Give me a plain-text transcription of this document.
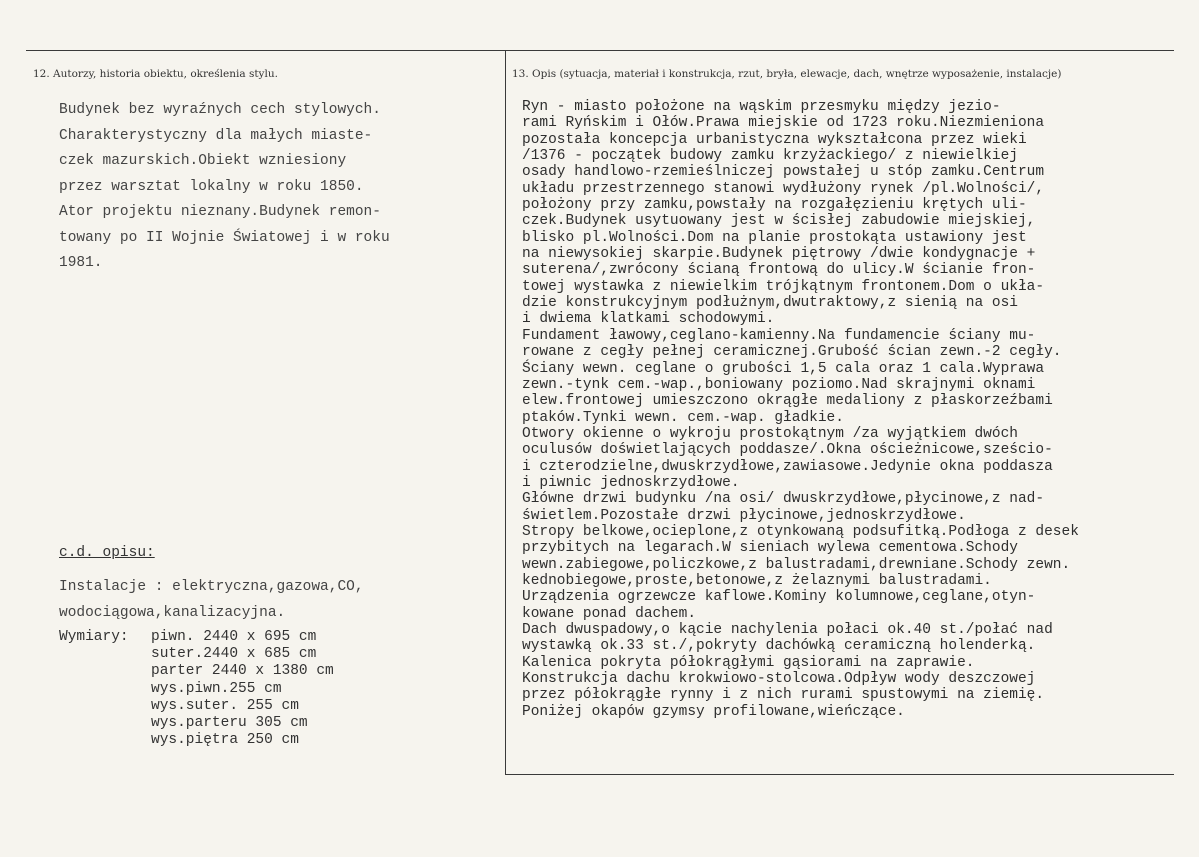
12. Autorzy, historia obiektu, określenia stylu.	13. Opis (sytuacja, materiał i konstrukcja, rzut, bryła, elewacje, dach, wnętrze wyposażenie, instalacje)
Budynek bez wyraźnych cech stylowych.
Charakterystyczny dla małych miaste-
czek mazurskich.Obiekt wzniesiony
przez warsztat lokalny w roku 1850.
Ator projektu nieznany.Budynek remon-
towany po II Wojnie Światowej i w roku
1981.
c.d. opisu:
Instalacje : elektryczna,gazowa,CO,
wodociągowa,kanalizacyjna.
Wymiary:	piwn. 2440 x 695 cm
suter.2440 x 685 cm
parter 2440 x 1380 cm
wys.piwn.255 cm
wys.suter. 255 cm
wys.parteru 305 cm
wys.piętra 250 cm
Ryn - miasto położone na wąskim przesmyku między jezio-
rami Ryńskim i Ołów.Prawa miejskie od 1723 roku.Niezmieniona
pozostała koncepcja urbanistyczna wykształcona przez wieki
/1376 - początek budowy zamku krzyżackiego/ z niewielkiej
osady handlowo-rzemieślniczej powstałej u stóp zamku.Centrum
układu przestrzennego stanowi wydłużony rynek /pl.Wolności/,
położony przy zamku,powstały na rozgałęzieniu krętych uli-
czek.Budynek usytuowany jest w ścisłej zabudowie miejskiej,
blisko pl.Wolności.Dom na planie prostokąta ustawiony jest
na niewysokiej skarpie.Budynek piętrowy /dwie kondygnacje +
suterena/,zwrócony ścianą frontową do ulicy.W ścianie fron-
towej wystawka z niewielkim trójkątnym frontonem.Dom o ukła-
dzie konstrukcyjnym podłużnym,dwutraktowy,z sienią na osi
i dwiema klatkami schodowymi.
Fundament ławowy,ceglano-kamienny.Na fundamencie ściany mu-
rowane z cegły pełnej ceramicznej.Grubość ścian zewn.-2 cegły.
Ściany wewn. ceglane o grubości 1,5 cala oraz 1 cala.Wyprawa
zewn.-tynk cem.-wap.,boniowany poziomo.Nad skrajnymi oknami
elew.frontowej umieszczono okrągłe medaliony z płaskorzeźbami
ptaków.Tynki wewn. cem.-wap. gładkie.
Otwory okienne o wykroju prostokątnym /za wyjątkiem dwóch
oculusów doświetlających poddasze/.Okna ościeżnicowe,sześcio-
i czterodzielne,dwuskrzydłowe,zawiasowe.Jedynie okna poddasza
i piwnic jednoskrzydłowe.
Główne drzwi budynku /na osi/ dwuskrzydłowe,płycinowe,z nad-
świetlem.Pozostałe drzwi płycinowe,jednoskrzydłowe.
Stropy belkowe,ocieplone,z otynkowaną podsufitką.Podłoga z desek
przybitych na legarach.W sieniach wylewa cementowa.Schody
wewn.zabiegowe,policzkowe,z balustradami,drewniane.Schody zewn.
kednobiegowe,proste,betonowe,z żelaznymi balustradami.
Urządzenia ogrzewcze kaflowe.Kominy kolumnowe,ceglane,otyn-
kowane ponad dachem.
Dach dwuspadowy,o kącie nachylenia połaci ok.40 st./połać nad
wystawką ok.33 st./,pokryty dachówką ceramiczną holenderką.
Kalenica pokryta półokrągłymi gąsiorami na zaprawie.
Konstrukcja dachu krokwiowo-stolcowa.Odpływ wody deszczowej
przez półokrągłe rynny i z nich rurami spustowymi na ziemię.
Poniżej okapów gzymsy profilowane,wieńczące.
